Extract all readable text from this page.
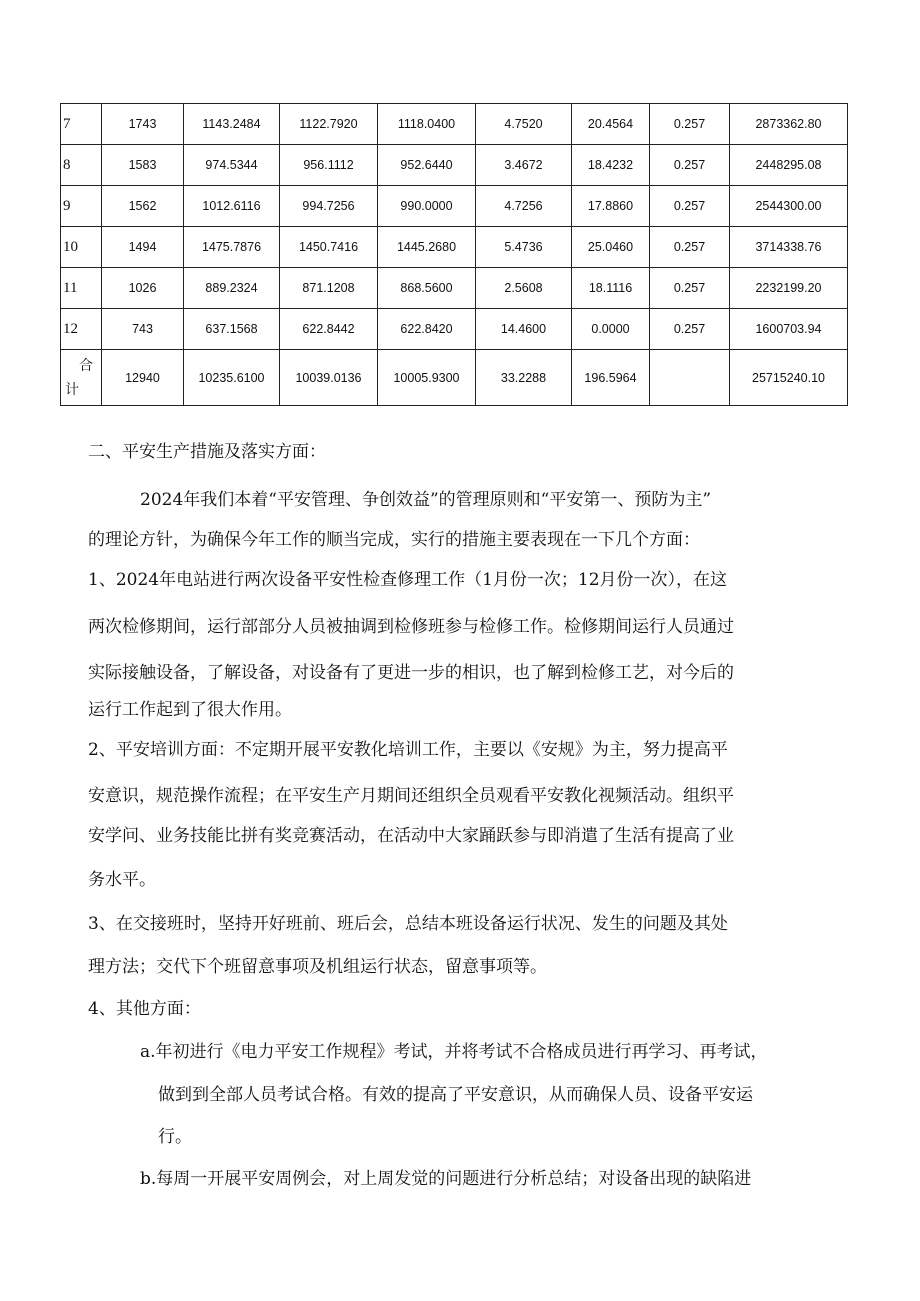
7	1743	1143.2484	1122.7920	1118.0400	4.7520	20.4564	0.257	2873362.80
8	1583	974.5344	956.1112	952.6440	3.4672	18.4232	0.257	2448295.08
9	1562	1012.6116	994.7256	990.0000	4.7256	17.8860	0.257	2544300.00
10	1494	1475.7876	1450.7416	1445.2680	5.4736	25.0460	0.257	3714338.76
11	1026	889.2324	871.1208	868.5600	2.5608	18.1116	0.257	2232199.20
12	743	637.1568	622.8442	622.8420	14.4600	0.0000	0.257	1600703.94

合
计	12940	10235.6100	10039.0136	10005.9300	33.2288	196.5964		25715240.10
二、平安生产措施及落实方面：
2024年我们本着“平安管理、争创效益”的管理原则和“平安第一、预防为主”
的理论方针，为确保今年工作的顺当完成，实行的措施主要表现在一下几个方面：
1、2024年电站进行两次设备平安性检查修理工作（1月份一次；12月份一次），在这
两次检修期间，运行部部分人员被抽调到检修班参与检修工作。检修期间运行人员通过
实际接触设备，了解设备，对设备有了更进一步的相识，也了解到检修工艺，对今后的
运行工作起到了很大作用。
2、平安培训方面：不定期开展平安教化培训工作，主要以《安规》为主，努力提高平
安意识，规范操作流程；在平安生产月期间还组织全员观看平安教化视频活动。组织平
安学问、业务技能比拼有奖竞赛活动，在活动中大家踊跃参与即消遣了生活有提高了业
务水平。
3、在交接班时，坚持开好班前、班后会，总结本班设备运行状况、发生的问题及其处
理方法；交代下个班留意事项及机组运行状态，留意事项等。
4、其他方面：
a.年初进行《电力平安工作规程》考试，并将考试不合格成员进行再学习、再考试，
做到到全部人员考试合格。有效的提高了平安意识，从而确保人员、设备平安运
行。
b.每周一开展平安周例会，对上周发觉的问题进行分析总结；对设备出现的缺陷进
